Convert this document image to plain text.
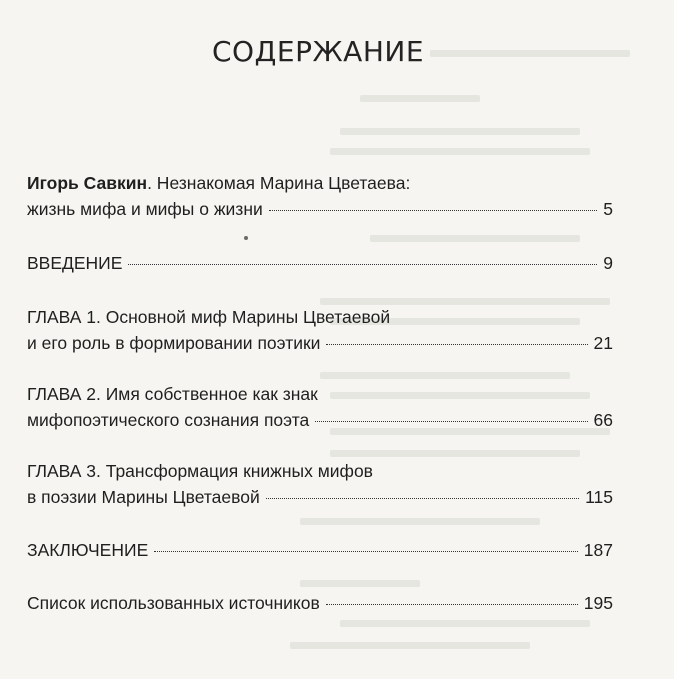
СОДЕРЖАНИЕ
Игорь Савкин . Незнакомая Марина Цветаева:
жизнь мифа и мифы о жизни	5
ВВЕДЕНИЕ	9
ГЛАВА 1. Основной миф Марины Цветаевой
и его роль в формировании поэтики	21
ГЛАВА 2. Имя собственное как знак
мифопоэтического сознания поэта	66
ГЛАВА 3. Трансформация книжных мифов
в поэзии Марины Цветаевой	115
ЗАКЛЮЧЕНИЕ	187
Список использованных источников	195
